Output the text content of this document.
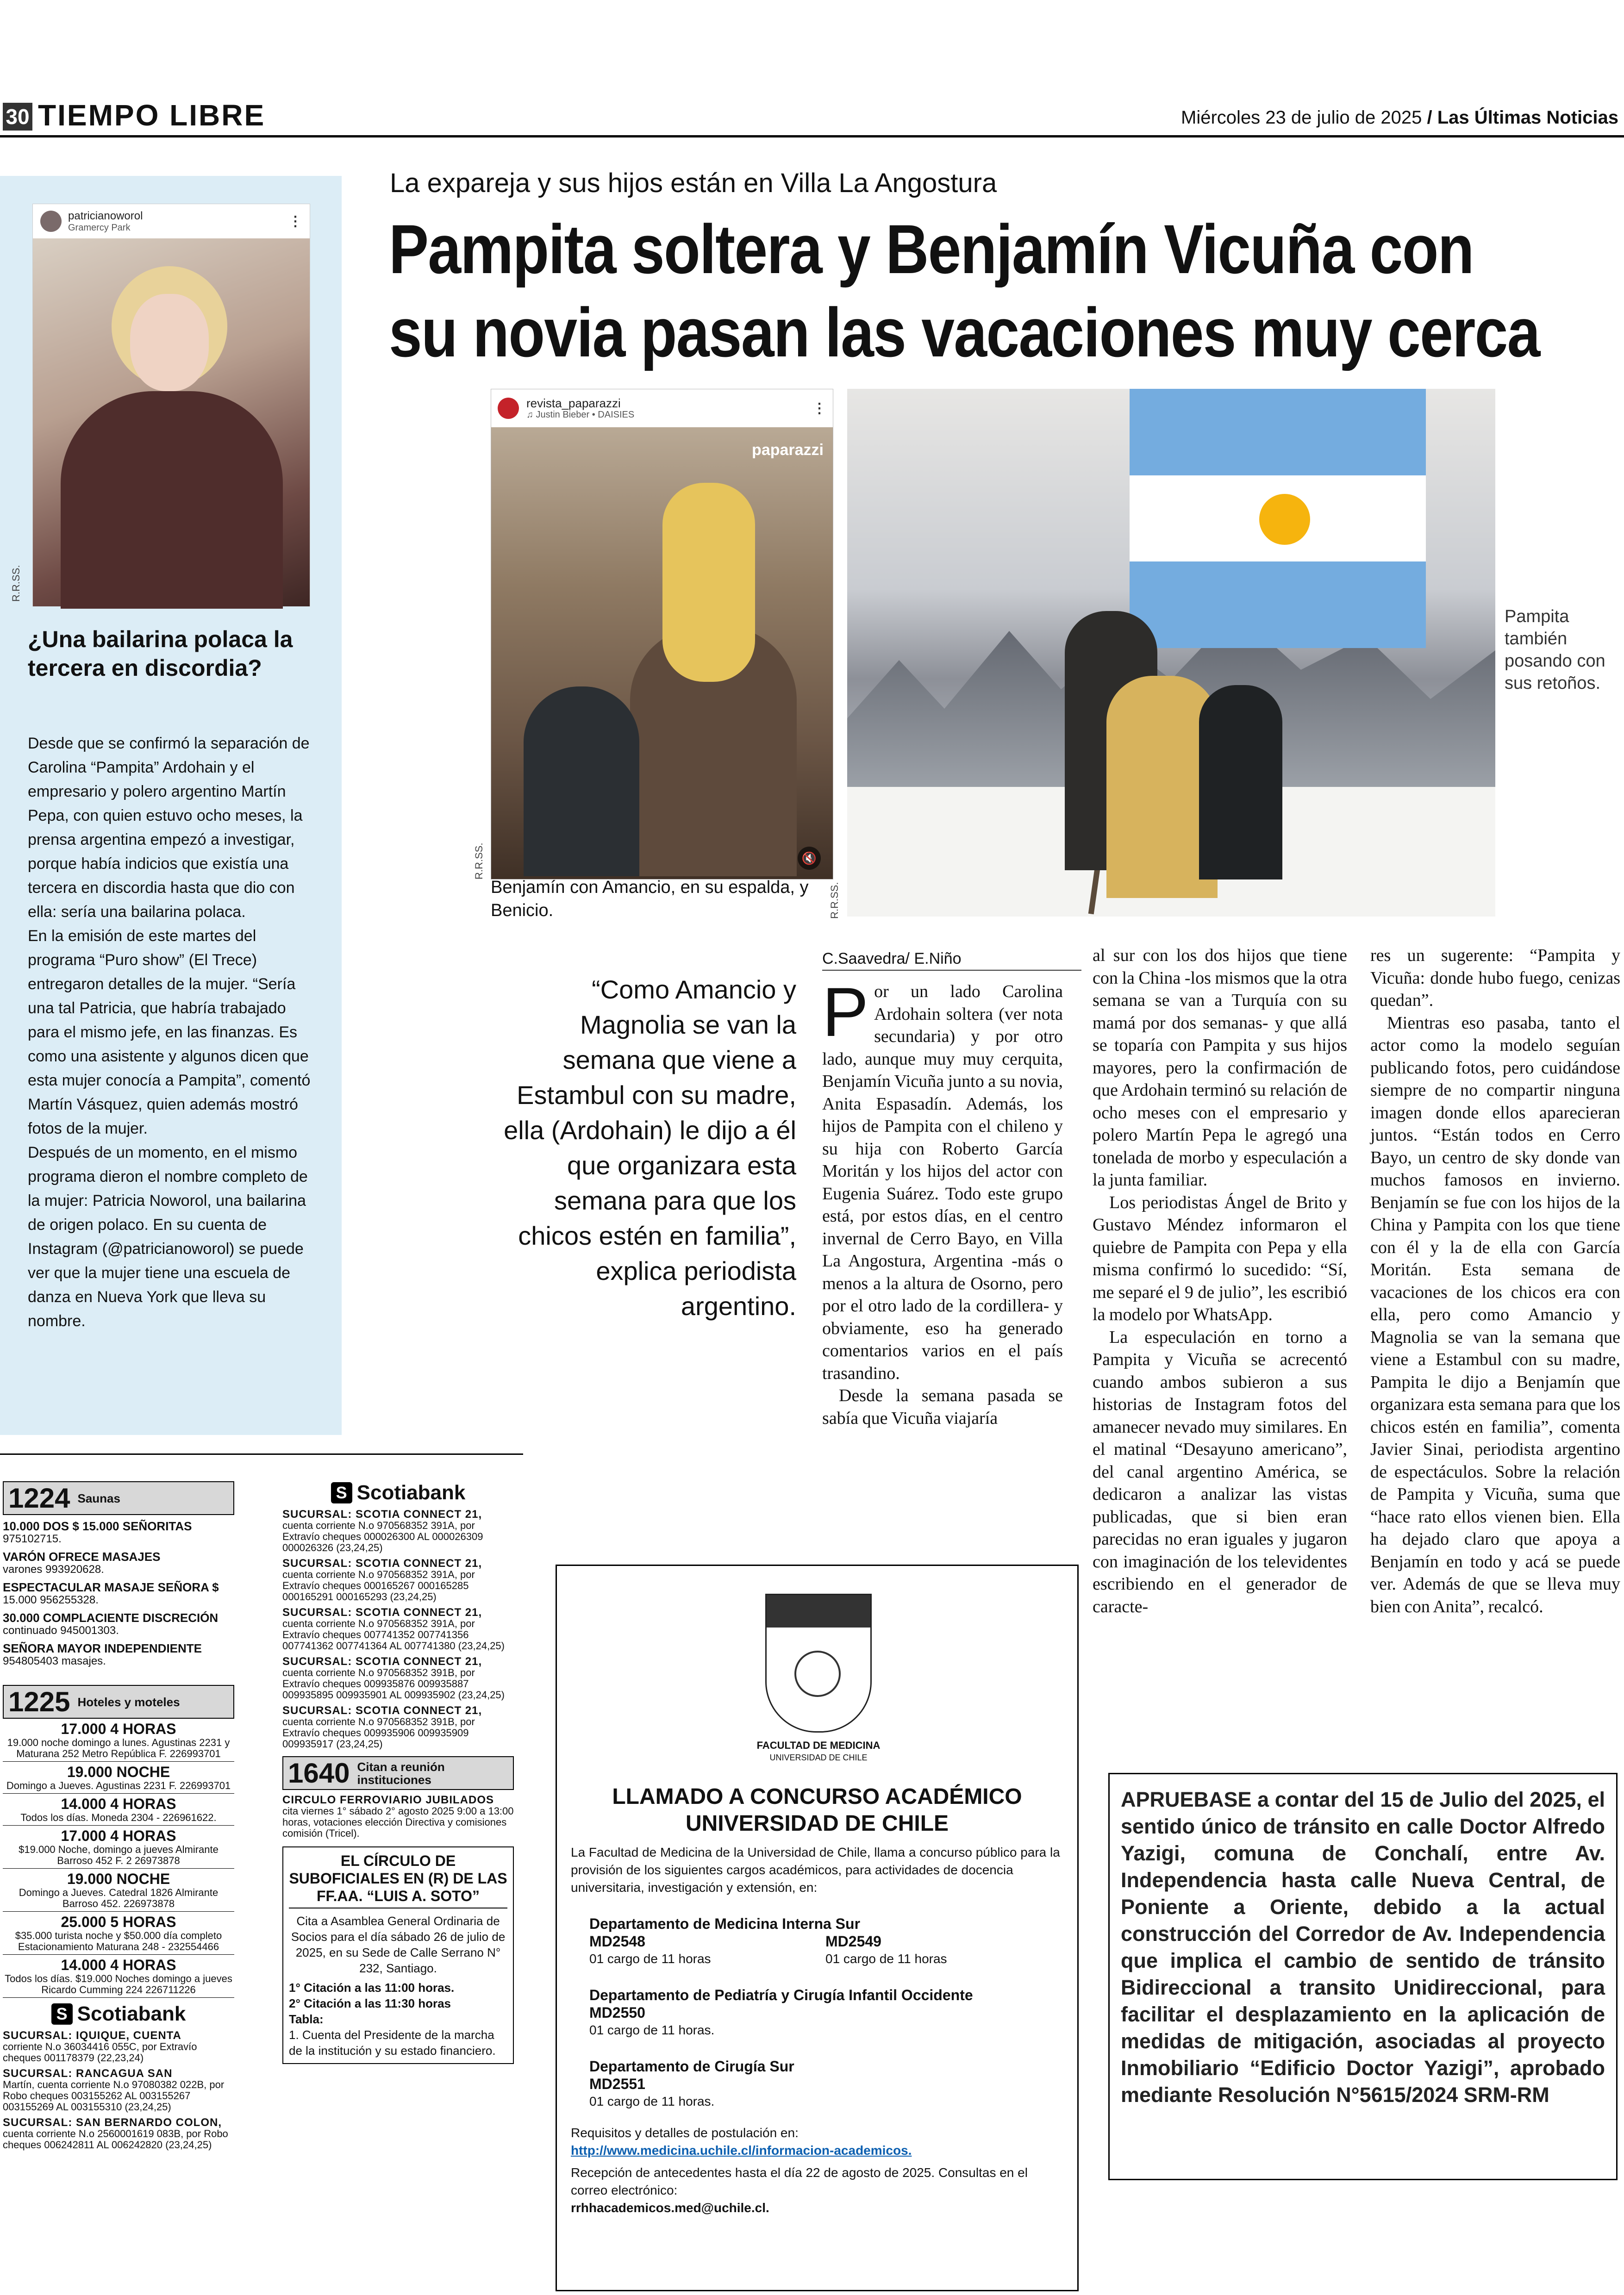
30 TIEMPO LIBRE	Miércoles 23 de julio de 2025 / Las Últimas Noticias
patricianoworol
Gramercy Park	⋮
R.R.SS.
¿Una bailarina polaca la tercera en discordia?

Desde que se confirmó la separación de Carolina “Pampita” Ardohain y el empresario y polero argentino Martín Pepa, con quien estuvo ocho meses, la prensa argentina empezó a investigar, porque había indicios que existía una tercera en discordia hasta que dio con ella: sería una bailarina polaca.

En la emisión de este martes del programa “Puro show” (El Trece) entregaron detalles de la mujer. “Sería una tal Patricia, que habría trabajado para el mismo jefe, en las finanzas. Es como una asistente y algunos dicen que esta mujer conocía a Pampita”, comentó Martín Vásquez, quien además mostró fotos de la mujer.

Después de un momento, en el mismo programa dieron el nombre completo de la mujer: Patricia Noworol, una bailarina de origen polaco. En su cuenta de Instagram (@patricianoworol) se puede ver que la mujer tiene una escuela de danza en Nueva York que lleva su nombre.

La expareja y sus hijos están en Villa La Angostura
Pampita soltera y Benjamín Vicuña con
su novia pasan las vacaciones muy cerca
revista_paparazzi
♫ Justin Bieber • DAISIES	⋮
paparazzi
🔇
R.R.SS.
Benjamín con Amancio, en su espalda, y Benicio.	R.R.SS.
Pampita también posando con sus retoños.
“Como Amancio y Magnolia se van la semana que viene a Estambul con su madre, ella (Ardohain) le dijo a él que organizara esta semana para que los chicos estén en familia”, explica periodista argentino.
C.Saavedra/ E.Niño
P or un lado Carolina Ardohain soltera (ver nota secundaria) y por otro lado, aunque muy muy cerquita, Benjamín Vicuña junto a su novia, Anita Espasadín. Además, los hijos de Pampita con el chileno y su hija con Roberto García Moritán y los hijos del actor con Eugenia Suárez. Todo este grupo está, por estos días, en el centro invernal de Cerro Bayo, en Villa La Angostura, Argentina -más o menos a la altura de Osorno, pero por el otro lado de la cordillera- y obviamente, eso ha generado comentarios varios en el país trasandino.

Desde la semana pasada se sabía que Vicuña viajaría

al sur con los dos hijos que tiene con la China -los mismos que la otra semana se van a Turquía con su mamá por dos semanas- y que allá se toparía con Pampita y sus hijos mayores, pero la confirmación de que Ardohain terminó su relación de ocho meses con el empresario y polero Martín Pepa le agregó una tonelada de morbo y especulación a la junta familiar.

Los periodistas Ángel de Brito y Gustavo Méndez informaron el quiebre de Pampita con Pepa y ella misma confirmó lo sucedido: “Sí, me separé el 9 de julio”, les escribió la modelo por WhatsApp.

La especulación en torno a Pampita y Vicuña se acrecentó cuando ambos subieron a sus historias de Instagram fotos del amanecer nevado muy similares. En el matinal “Desayuno americano”, del canal argentino América, se dedicaron a analizar las vistas publicadas, que si bien eran parecidas no eran iguales y jugaron con imaginación de los televidentes escribiendo en el generador de caracte-

res un sugerente: “Pampita y Vicuña: donde hubo fuego, cenizas quedan”.

Mientras eso pasaba, tanto el actor como la modelo seguían publicando fotos, pero cuidándose siempre de no compartir ninguna imagen donde ellos aparecieran juntos. “Están todos en Cerro Bayo, un centro de sky donde van muchos famosos en invierno. Benjamín se fue con los hijos de la China y Pampita con los que tiene con él y la de ella con García Moritán. Esta semana de vacaciones de los chicos era con ella, pero como Amancio y Magnolia se van la semana que viene a Estambul con su madre, Pampita le dijo a Benjamín que organizara esta semana para que los chicos estén en familia”, comenta Javier Sinai, periodista argentino de espectáculos. Sobre la relación de Pampita y Vicuña, suma que “hace rato ellos vienen bien. Ella ha dejado claro que apoya a Benjamín en todo y acá se puede ver. Además de que se lleva muy bien con Anita”, recalcó.

1224 Saunas
10.000 DOS $ 15.000 SEÑORITAS
975102715.
VARÓN OFRECE MASAJES
varones 993920628.
ESPECTACULAR MASAJE SEÑORA $
15.000 956255328.
30.000 COMPLACIENTE DISCRECIÓN
continuado 945001303.
SEÑORA MAYOR INDEPENDIENTE
954805403 masajes.
1225 Hoteles y moteles
17.000 4 HORAS
19.000 noche domingo a lunes. Agustinas 2231 y Maturana 252 Metro República F. 226993701
19.000 NOCHE
Domingo a Jueves. Agustinas 2231 F. 226993701
14.000 4 HORAS
Todos los días. Moneda 2304 - 226961622.
17.000 4 HORAS
$19.000 Noche, domingo a jueves Almirante Barroso 452 F. 2 26973878
19.000 NOCHE
Domingo a Jueves. Catedral 1826 Almirante Barroso 452. 226973878
25.000 5 HORAS
$35.000 turista noche y $50.000 día completo Estacionamiento Maturana 248 - 232554466
14.000 4 HORAS
Todos los días. $19.000 Noches domingo a jueves Ricardo Cumming 224 226711226
S Scotiabank
SUCURSAL: IQUIQUE, CUENTA
corriente N.o 36034416 055C, por Extravío cheques 001178379 (22,23,24)
SUCURSAL: RANCAGUA SAN
Martín, cuenta corriente N.o 97080382 022B, por Robo cheques 003155262 AL 003155267 003155269 AL 003155310 (23,24,25)
SUCURSAL: SAN BERNARDO COLON,
cuenta corriente N.o 2560001619 083B, por Robo cheques 006242811 AL 006242820 (23,24,25)
S Scotiabank
SUCURSAL: SCOTIA CONNECT 21,
cuenta corriente N.o 970568352 391A, por Extravío cheques 000026300 AL 000026309 000026326 (23,24,25)
SUCURSAL: SCOTIA CONNECT 21,
cuenta corriente N.o 970568352 391A, por Extravío cheques 000165267 000165285 000165291 000165293 (23,24,25)
SUCURSAL: SCOTIA CONNECT 21,
cuenta corriente N.o 970568352 391A, por Extravío cheques 007741352 007741356 007741362 007741364 AL 007741380 (23,24,25)
SUCURSAL: SCOTIA CONNECT 21,
cuenta corriente N.o 970568352 391B, por Extravío cheques 009935876 009935887 009935895 009935901 AL 009935902 (23,24,25)
SUCURSAL: SCOTIA CONNECT 21,
cuenta corriente N.o 970568352 391B, por Extravío cheques 009935906 009935909 009935917 (23,24,25)
1640 Citan a reunión instituciones
CIRCULO FERROVIARIO JUBILADOS
cita viernes 1° sábado 2° agosto 2025 9:00 a 13:00 horas, votaciones elección Directiva y comisiones comisión (Tricel).
EL CÍRCULO DE SUBOFICIALES EN (R) DE LAS FF.AA. “LUIS A. SOTO”
Cita a Asamblea General Ordinaria de Socios para el día sábado 26 de julio de 2025, en su Sede de Calle Serrano N° 232, Santiago.
1° Citación a las 11:00 horas.
2° Citación a las 11:30 horas
Tabla:
1. Cuenta del Presidente de la marcha de la institución y su estado financiero.
FACULTAD DE MEDICINA
UNIVERSIDAD DE CHILE
LLAMADO A CONCURSO ACADÉMICO
UNIVERSIDAD DE CHILE
La Facultad de Medicina de la Universidad de Chile, llama a concurso público para la provisión de los siguientes cargos académicos, para actividades de docencia universitaria, investigación y extensión, en:
Departamento de Medicina Interna Sur
MD2548
01 cargo de 11 horas
MD2549
01 cargo de 11 horas
Departamento de Pediatría y Cirugía Infantil Occidente
MD2550
01 cargo de 11 horas.
Departamento de Cirugía Sur
MD2551
01 cargo de 11 horas.
Requisitos y detalles de postulación en:
http://www.medicina.uchile.cl/informacion-academicos.
Recepción de antecedentes hasta el día 22 de agosto de 2025. Consultas en el correo electrónico:
rrhhacademicos.med@uchile.cl.
APRUEBASE a contar del 15 de Julio del 2025, el sentido único de tránsito en calle Doctor Alfredo Yazigi, comuna de Conchalí, entre Av. Independencia hasta calle Nueva Central, de Poniente a Oriente, debido a la actual construcción del Corredor de Av. Independencia que implica el cambio de sentido de tránsito Bidireccional a transito Unidireccional, para facilitar el desplazamiento en la aplicación de medidas de mitigación, asociadas al proyecto Inmobiliario “Edificio Doctor Yazigi”, aprobado mediante Resolución N°5615/2024 SRM-RM
